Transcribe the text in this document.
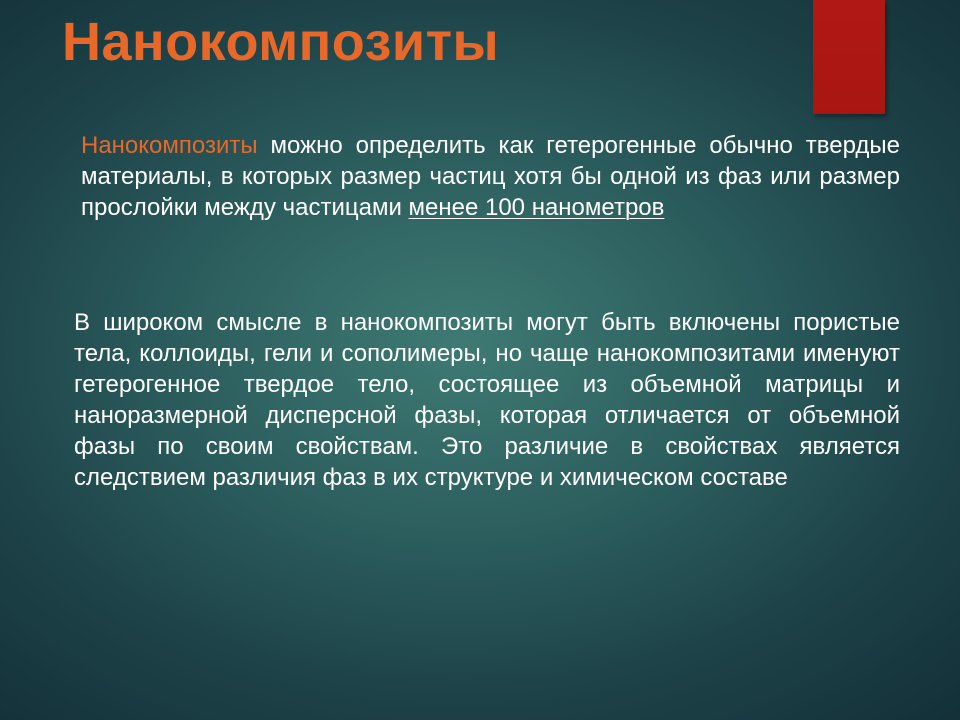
Нанокомпозиты

Нанокомпозиты можно определить как гетерогенные обычно твердые материалы, в которых размер частиц хотя бы одной из фаз или размер прослойки между частицами менее 100 нанометров

В широком смысле в нанокомпозиты могут быть включены пористые тела, коллоиды, гели и сополимеры, но чаще нанокомпозитами именуют гетерогенное твердое тело, состоящее из объемной матрицы и наноразмерной дисперсной фазы, которая отличается от объемной фазы по своим свойствам. Это различие в свойствах является следствием различия фаз в их структуре и химическом составе
